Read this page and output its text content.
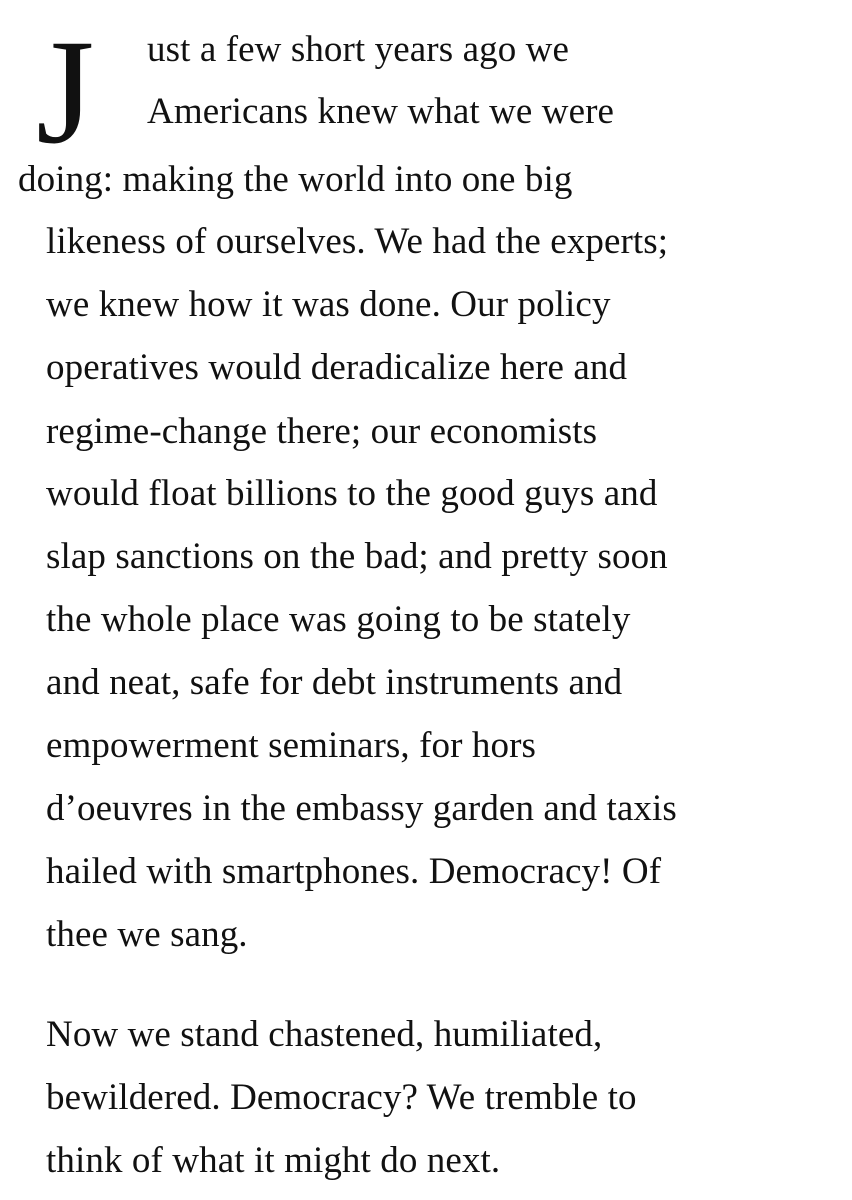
J ust a few short years ago we
Americans knew what we were
doing: making the world into one big
likeness of ourselves. We had the experts;
we knew how it was done. Our policy
operatives would deradicalize here and
regime-change there; our economists
would float billions to the good guys and
slap sanctions on the bad; and pretty soon
the whole place was going to be stately
and neat, safe for debt instruments and
empowerment seminars, for hors
d’oeuvres in the embassy garden and taxis
hailed with smartphones. Democracy! Of
thee we sang.
Now we stand chastened, humiliated,
bewildered. Democracy? We tremble to
think of what it might do next.
